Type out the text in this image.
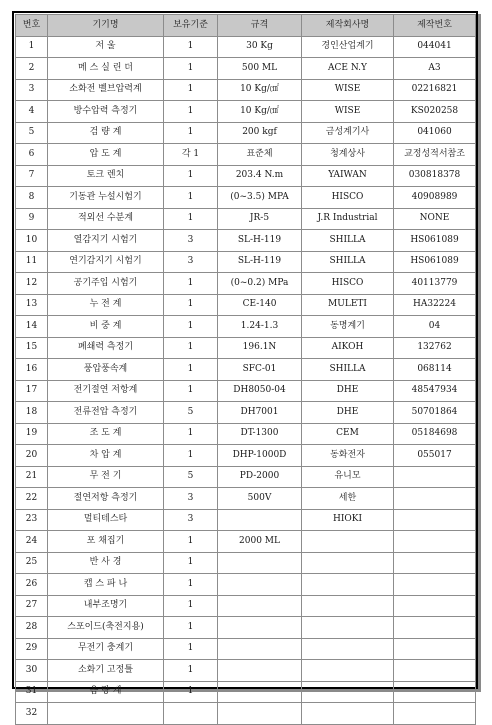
번호	기기명	보유기준	규격	제작회사명	제작번호
1	저 울	1	30 Kg	경인산업계기	044041
2	메 스 실 린 더	1	500 ML	ACE N.Y	A3
3	소화전 벨브압력계	1	10 Kg/㎠	WISE	02216821
4	방수압력 측정기	1	10 Kg/㎠	WISE	KS020258
5	검 량 계	1	200 kgf	금성계기사	041060
6	압 도 계	각 1	표준체	청계상사	교정성적서참조
7	토크 렌치	1	203.4 N.m	YAIWAN	030818378
8	기동관 누설시험기	1	(0~3.5) MPA	HISCO	40908989
9	적외선 수분계	1	JR-5	J.R Industrial	NONE
10	열감지기 시험기	3	SL-H-119	SHILLA	HS061089
11	연기감지기 시험기	3	SL-H-119	SHILLA	HS061089
12	공기주입 시험기	1	(0~0.2) MPa	HISCO	40113779
13	누 전 계	1	CE-140	MULETI	HA32224
14	비 중 계	1	1.24-1.3	동명계기	04
15	폐쇄력 측정기	1	196.1N	AIKOH	132762
16	풍압풍속계	1	SFC-01	SHILLA	068114
17	전기절연 저항계	1	DH8050-04	DHE	48547934
18	전류전압 측정기	5	DH7001	DHE	50701864
19	조 도 계	1	DT-1300	CEM	05184698
20	차 압 계	1	DHP-1000D	동화전자	055017
21	무 전 기	5	PD-2000	유니모	
22	절연저항 측정기	3	500V	세한	
23	멀티테스타	3		HIOKI	
24	포 채집기	1	2000 ML		
25	반 사 경	1			
26	캡 스 파 나	1			
27	내부조명기	1			
28	스포이드(축전지용)	1			
29	무전기 충계기	1			
30	소화기 고정틀	1			
31	음 량 계	1			
32					
